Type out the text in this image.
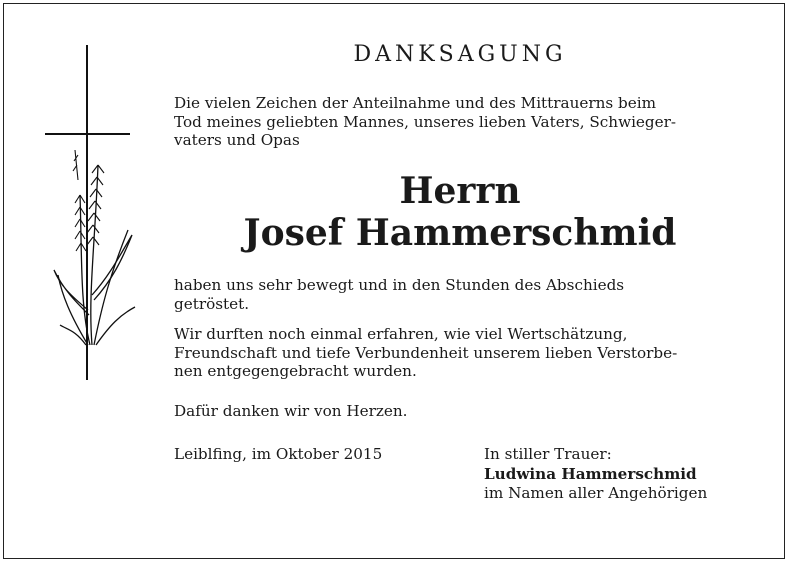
DANKSAGUNG

Die vielen Zeichen der Anteilnahme und des Mittrauerns beim
Tod meines geliebten Mannes, unseres lieben Vaters, Schwieger-
vaters und Opas

Herrn
Josef Hammerschmid

haben uns sehr bewegt und in den Stunden des Abschieds
getröstet.

Wir durften noch einmal erfahren, wie viel Wertschätzung,
Freundschaft und tiefe Verbundenheit unserem lieben Verstorbe-
nen entgegengebracht wurden.

Dafür danken wir von Herzen.

Leiblfing, im Oktober 2015	In stiller Trauer:
Ludwina Hammerschmid
im Namen aller Angehörigen
